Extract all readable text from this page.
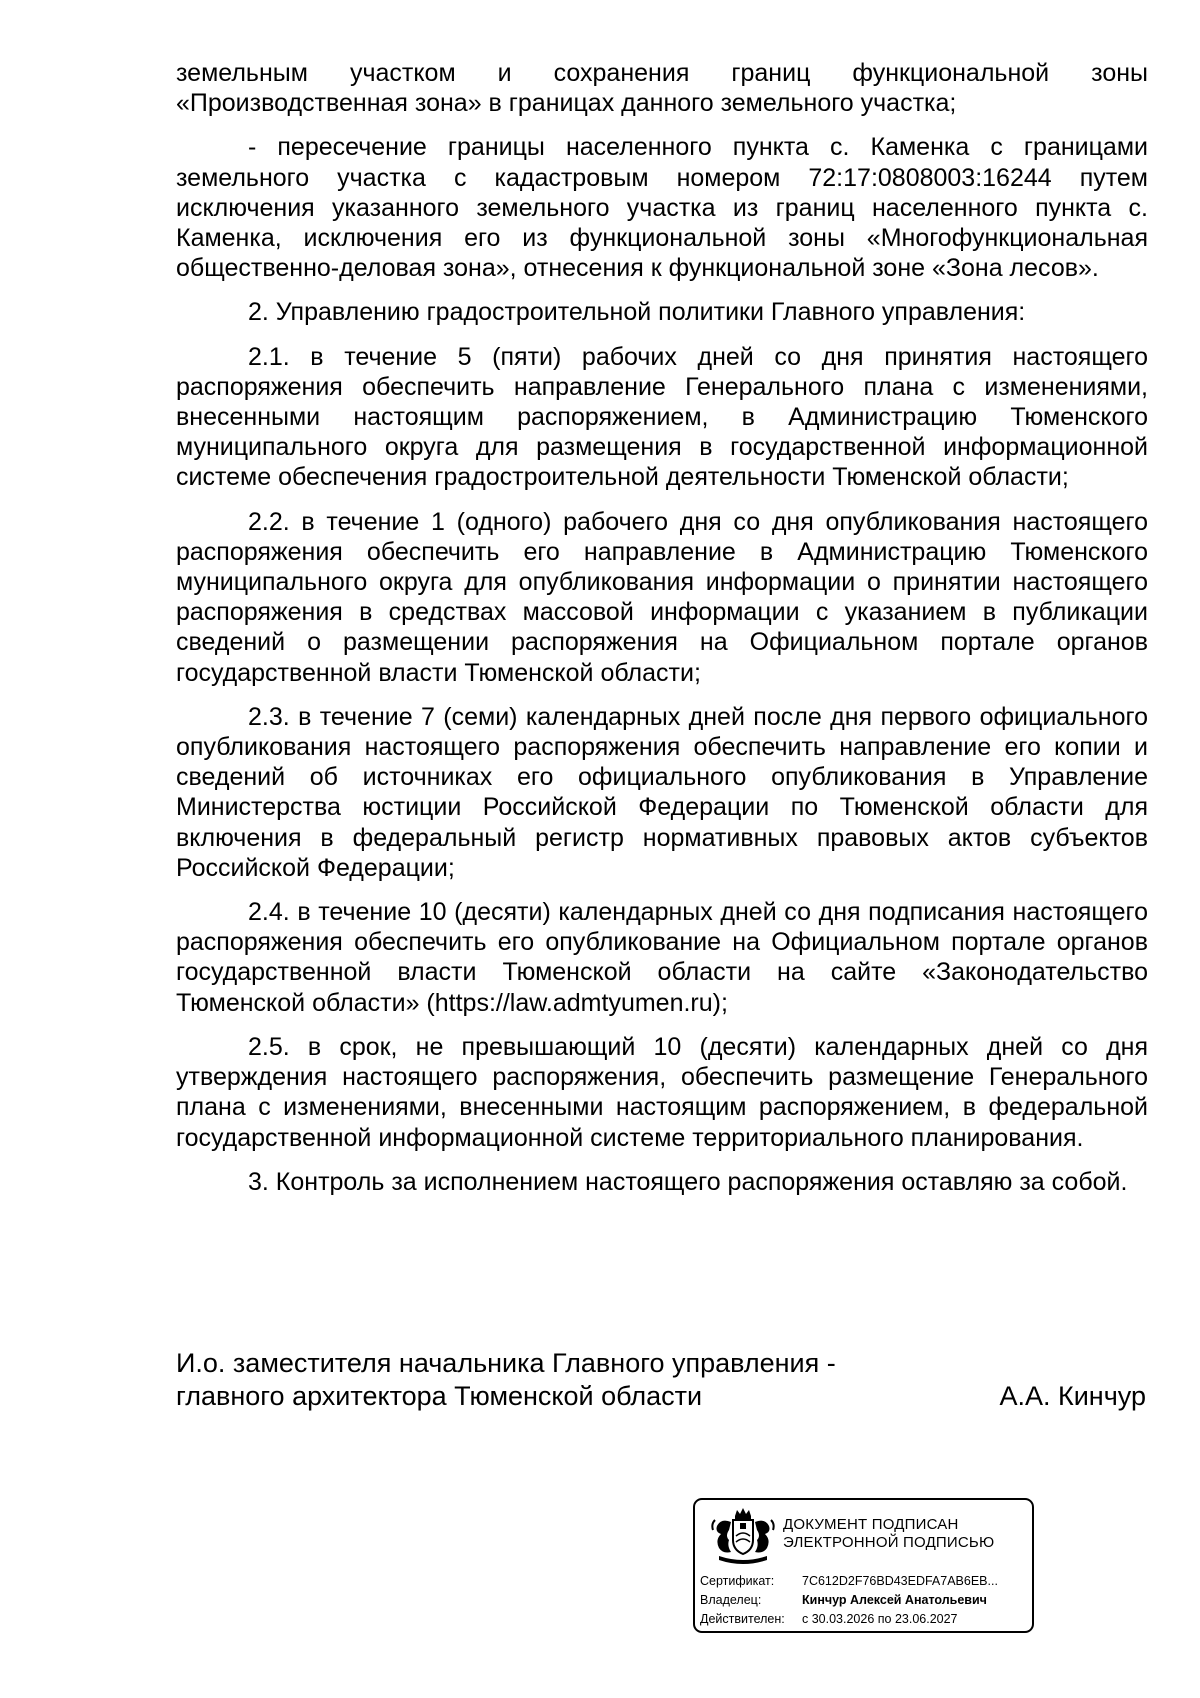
земельным участком и сохранения границ функциональной зоны «Производственная зона» в границах данного земельного участка;

- пересечение границы населенного пункта с. Каменка с границами земельного участка с кадастровым номером 72:17:0808003:16244 путем исключения указанного земельного участка из границ населенного пункта с. Каменка, исключения его из функциональной зоны «Многофункциональная общественно-деловая зона», отнесения к функциональной зоне «Зона лесов».

2. Управлению градостроительной политики Главного управления:

2.1. в течение 5 (пяти) рабочих дней со дня принятия настоящего распоряжения обеспечить направление Генерального плана с изменениями, внесенными настоящим распоряжением, в Администрацию Тюменского муниципального округа для размещения в государственной информационной системе обеспечения градостроительной деятельности Тюменской области;

2.2. в течение 1 (одного) рабочего дня со дня опубликования настоящего распоряжения обеспечить его направление в Администрацию Тюменского муниципального округа для опубликования информации о принятии настоящего распоряжения в средствах массовой информации с указанием в публикации сведений о размещении распоряжения на Официальном портале органов государственной власти Тюменской области;

2.3. в течение 7 (семи) календарных дней после дня первого официального опубликования настоящего распоряжения обеспечить направление его копии и сведений об источниках его официального опубликования в Управление Министерства юстиции Российской Федерации по Тюменской области для включения в федеральный регистр нормативных правовых актов субъектов Российской Федерации;

2.4. в течение 10 (десяти) календарных дней со дня подписания настоящего распоряжения обеспечить его опубликование на Официальном портале органов государственной власти Тюменской области на сайте «Законодательство Тюменской области» (https://law.admtyumen.ru);

2.5. в срок, не превышающий 10 (десяти) календарных дней со дня утверждения настоящего распоряжения, обеспечить размещение Генерального плана с изменениями, внесенными настоящим распоряжением, в федеральной государственной информационной системе территориального планирования.

3. Контроль за исполнением настоящего распоряжения оставляю за собой.

И.о. заместителя начальника Главного управления -
главного архитектора Тюменской области	А.А. Кинчур
ДОКУМЕНТ ПОДПИСАН
ЭЛЕКТРОННОЙ ПОДПИСЬЮ
Сертификат: 7C612D2F76BD43EDFA7AB6EB...
Владелец:	Кинчур Алексей Анатольевич
Действителен: с 30.03.2026 по 23.06.2027
